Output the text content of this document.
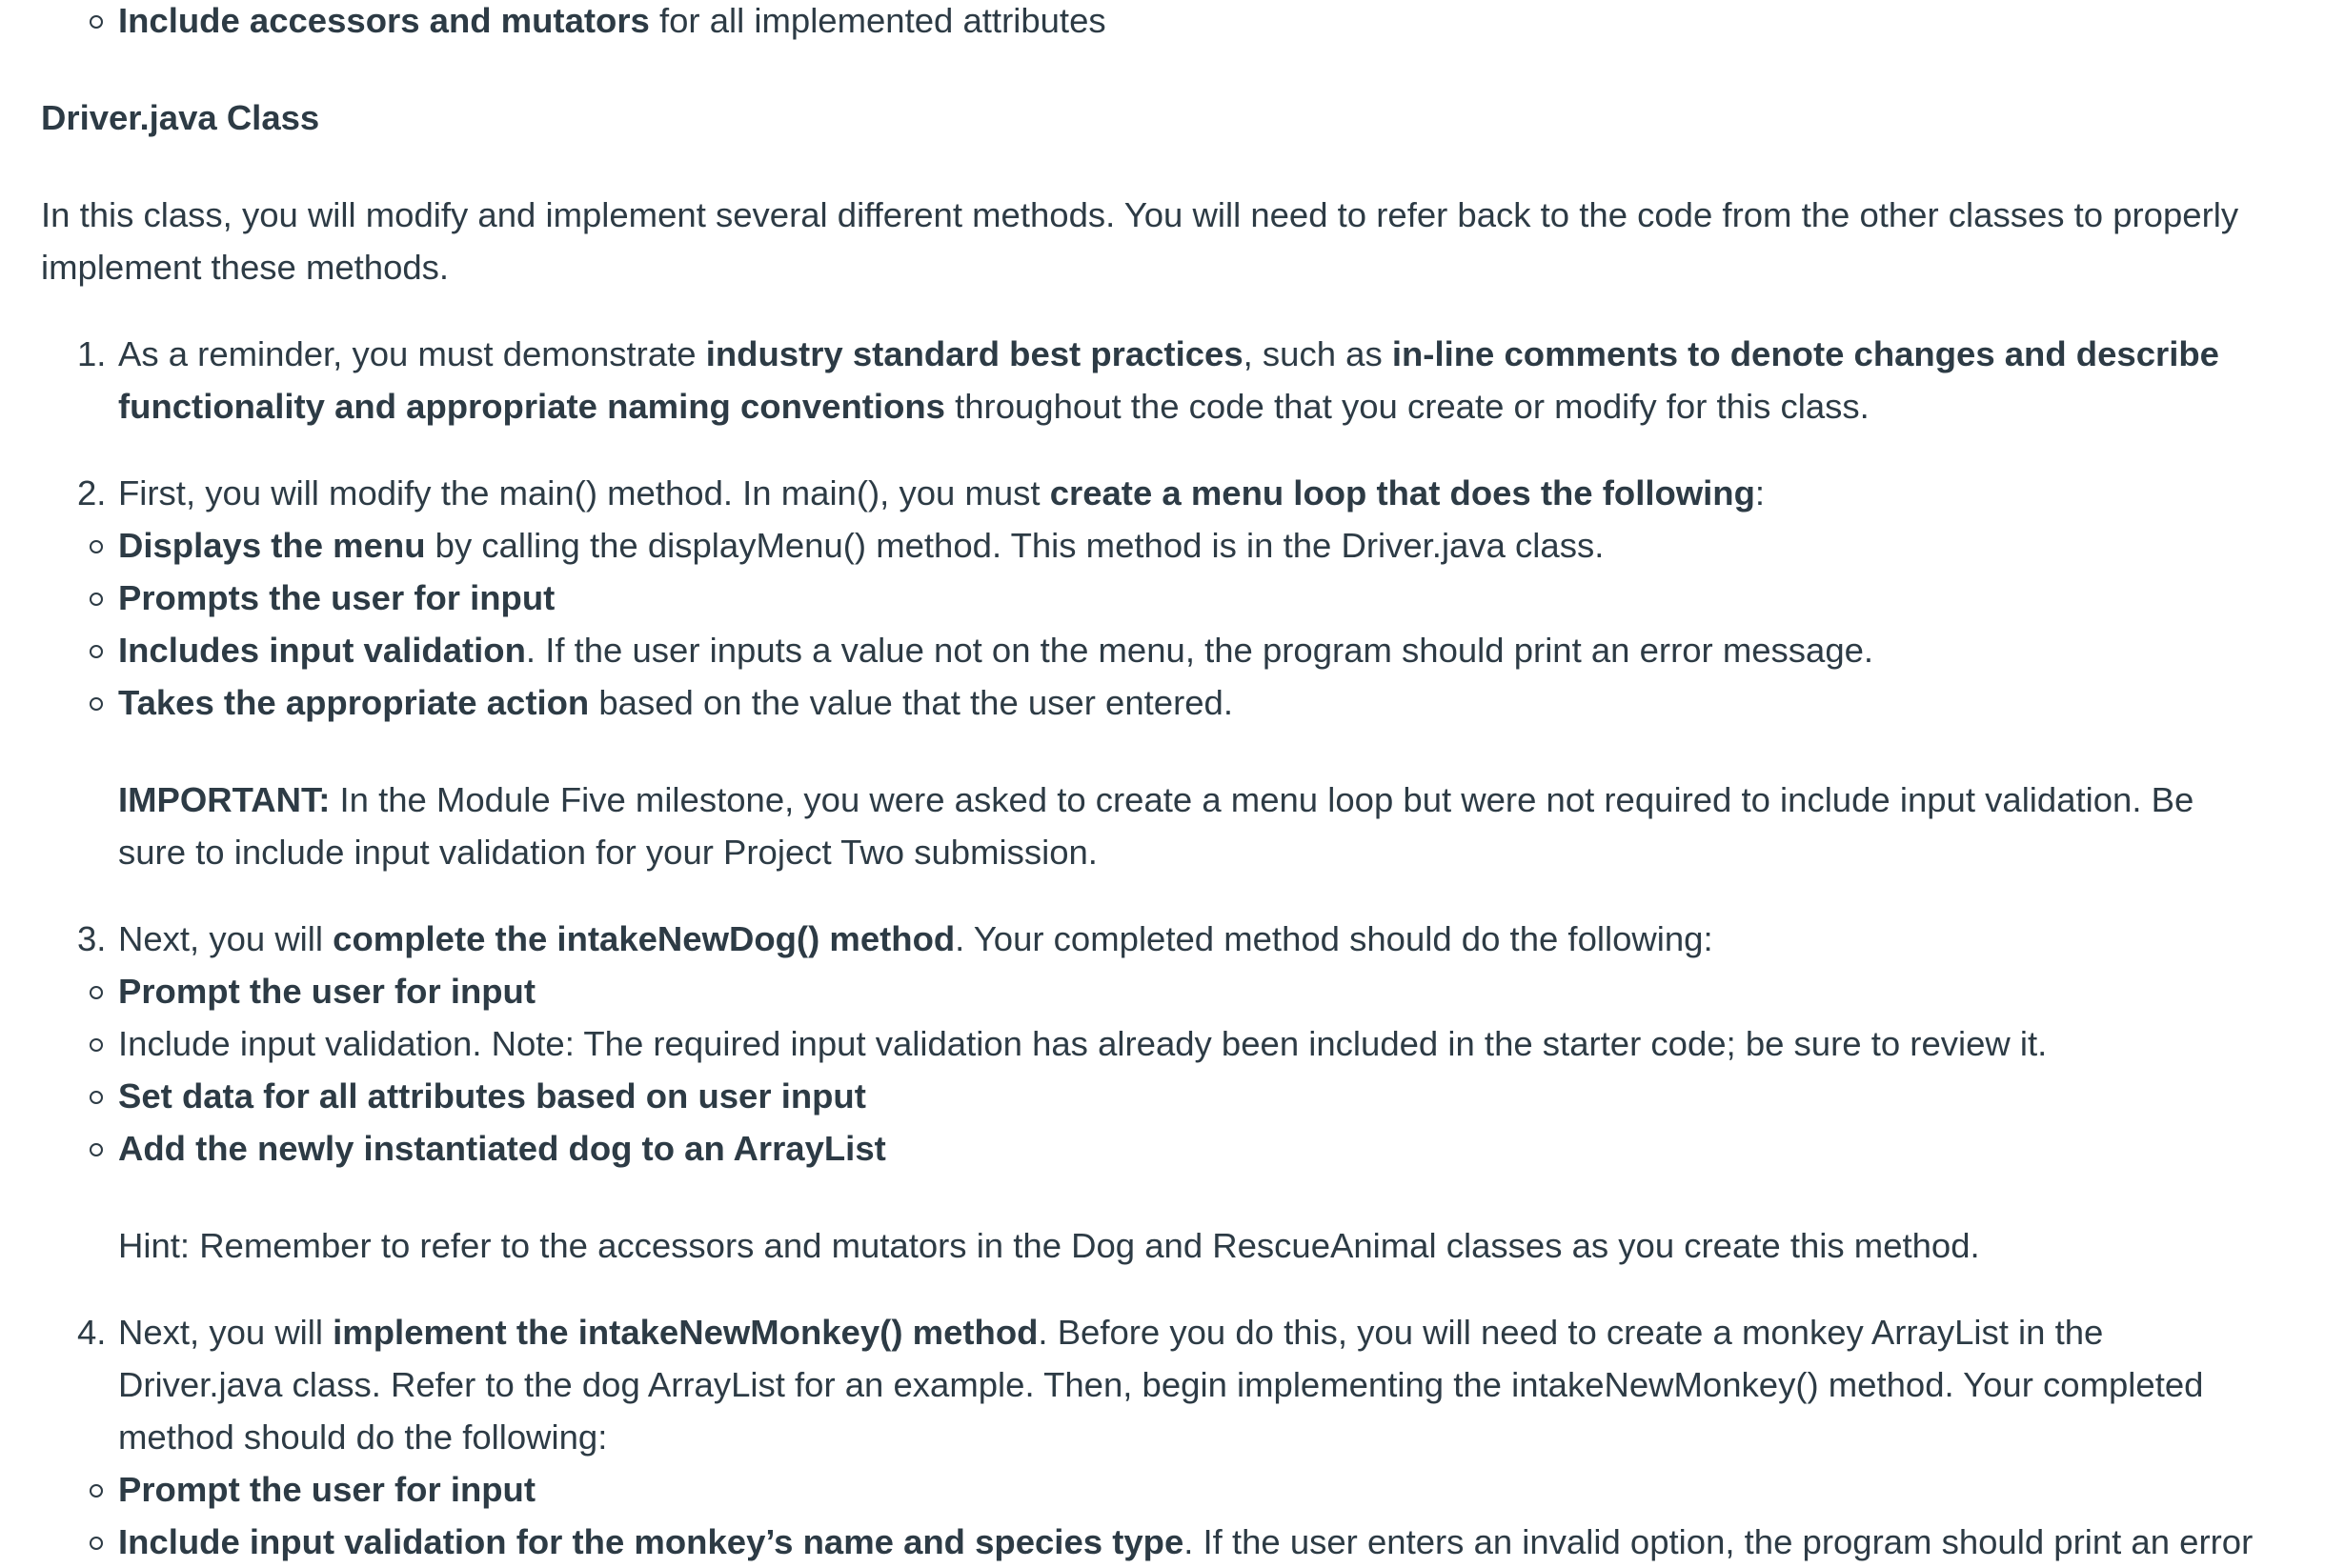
Include accessors and mutators for all implemented attributes
Driver.java Class

In this class, you will modify and implement several different methods. You will need to refer back to the code from the other classes to properly implement these methods.

1. As a reminder, you must demonstrate industry standard best practices, such as in-line comments to denote changes and describe functionality and appropriate naming conventions throughout the code that you create or modify for this class.
2. First, you will modify the main() method. In main(), you must create a menu loop that does the following:
Displays the menu by calling the displayMenu() method. This method is in the Driver.java class.
Prompts the user for input
Includes input validation. If the user inputs a value not on the menu, the program should print an error message.
Takes the appropriate action based on the value that the user entered.
IMPORTANT: In the Module Five milestone, you were asked to create a menu loop but were not required to include input validation. Be sure to include input validation for your Project Two submission.
3. Next, you will complete the intakeNewDog() method. Your completed method should do the following:
Prompt the user for input
Include input validation. Note: The required input validation has already been included in the starter code; be sure to review it.
Set data for all attributes based on user input
Add the newly instantiated dog to an ArrayList
Hint: Remember to refer to the accessors and mutators in the Dog and RescueAnimal classes as you create this method.
4. Next, you will implement the intakeNewMonkey() method. Before you do this, you will need to create a monkey ArrayList in the Driver.java class. Refer to the dog ArrayList for an example. Then, begin implementing the intakeNewMonkey() method. Your completed method should do the following:
Prompt the user for input
Include input validation for the monkey’s name and species type. If the user enters an invalid option, the program should print an error
